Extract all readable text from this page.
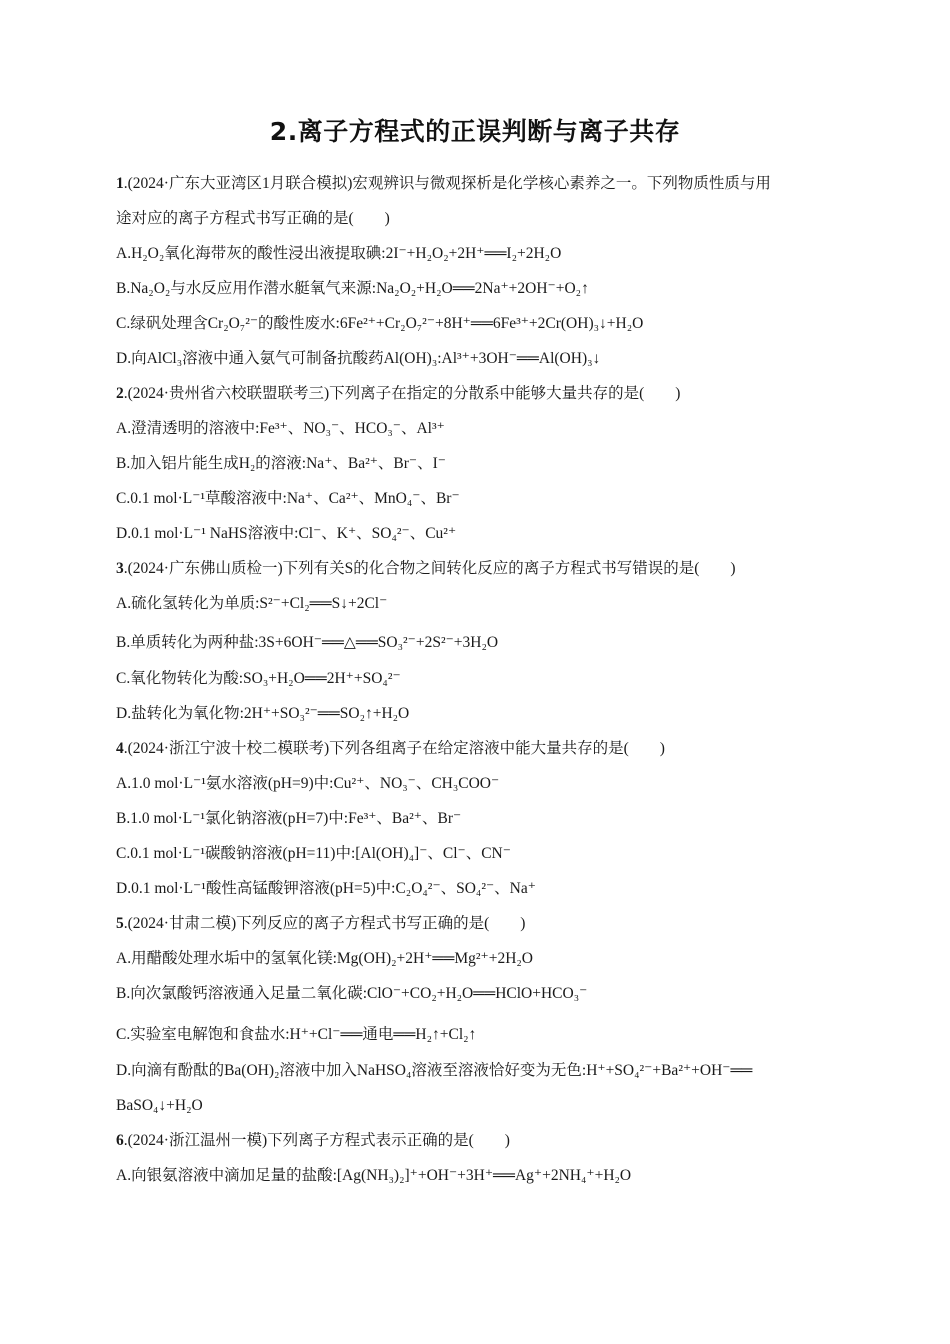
2.离子方程式的正误判断与离子共存
1.(2024·广东大亚湾区1月联合模拟)宏观辨识与微观探析是化学核心素养之一。下列物质性质与用
途对应的离子方程式书写正确的是(　　)
A.H₂O₂氧化海带灰的酸性浸出液提取碘:2I⁻+H₂O₂+2H⁺══I₂+2H₂O
B.Na₂O₂与水反应用作潜水艇氧气来源:Na₂O₂+H₂O══2Na⁺+2OH⁻+O₂↑
C.绿矾处理含Cr₂O₇²⁻的酸性废水:6Fe²⁺+Cr₂O₇²⁻+8H⁺══6Fe³⁺+2Cr(OH)₃↓+H₂O
D.向AlCl₃溶液中通入氨气可制备抗酸药Al(OH)₃:Al³⁺+3OH⁻══Al(OH)₃↓
2.(2024·贵州省六校联盟联考三)下列离子在指定的分散系中能够大量共存的是(　　)
A.澄清透明的溶液中:Fe³⁺、NO₃⁻、HCO₃⁻、Al³⁺
B.加入铝片能生成H₂的溶液:Na⁺、Ba²⁺、Br⁻、I⁻
C.0.1 mol·L⁻¹草酸溶液中:Na⁺、Ca²⁺、MnO₄⁻、Br⁻
D.0.1 mol·L⁻¹ NaHS溶液中:Cl⁻、K⁺、SO₄²⁻、Cu²⁺
3.(2024·广东佛山质检一)下列有关S的化合物之间转化反应的离子方程式书写错误的是(　　)
A.硫化氢转化为单质:S²⁻+Cl₂══S↓+2Cl⁻
B.单质转化为两种盐:3S+6OH⁻══△══SO₃²⁻+2S²⁻+3H₂O
C.氧化物转化为酸:SO₃+H₂O══2H⁺+SO₄²⁻
D.盐转化为氧化物:2H⁺+SO₃²⁻══SO₂↑+H₂O
4.(2024·浙江宁波十校二模联考)下列各组离子在给定溶液中能大量共存的是(　　)
A.1.0 mol·L⁻¹氨水溶液(pH=9)中:Cu²⁺、NO₃⁻、CH₃COO⁻
B.1.0 mol·L⁻¹氯化钠溶液(pH=7)中:Fe³⁺、Ba²⁺、Br⁻
C.0.1 mol·L⁻¹碳酸钠溶液(pH=11)中:[Al(OH)₄]⁻、Cl⁻、CN⁻
D.0.1 mol·L⁻¹酸性高锰酸钾溶液(pH=5)中:C₂O₄²⁻、SO₄²⁻、Na⁺
5.(2024·甘肃二模)下列反应的离子方程式书写正确的是(　　)
A.用醋酸处理水垢中的氢氧化镁:Mg(OH)₂+2H⁺══Mg²⁺+2H₂O
B.向次氯酸钙溶液通入足量二氧化碳:ClO⁻+CO₂+H₂O══HClO+HCO₃⁻
C.实验室电解饱和食盐水:H⁺+Cl⁻══通电══H₂↑+Cl₂↑
D.向滴有酚酞的Ba(OH)₂溶液中加入NaHSO₄溶液至溶液恰好变为无色:H⁺+SO₄²⁻+Ba²⁺+OH⁻══
BaSO₄↓+H₂O
6.(2024·浙江温州一模)下列离子方程式表示正确的是(　　)
A.向银氨溶液中滴加足量的盐酸:[Ag(NH₃)₂]⁺+OH⁻+3H⁺══Ag⁺+2NH₄⁺+H₂O
